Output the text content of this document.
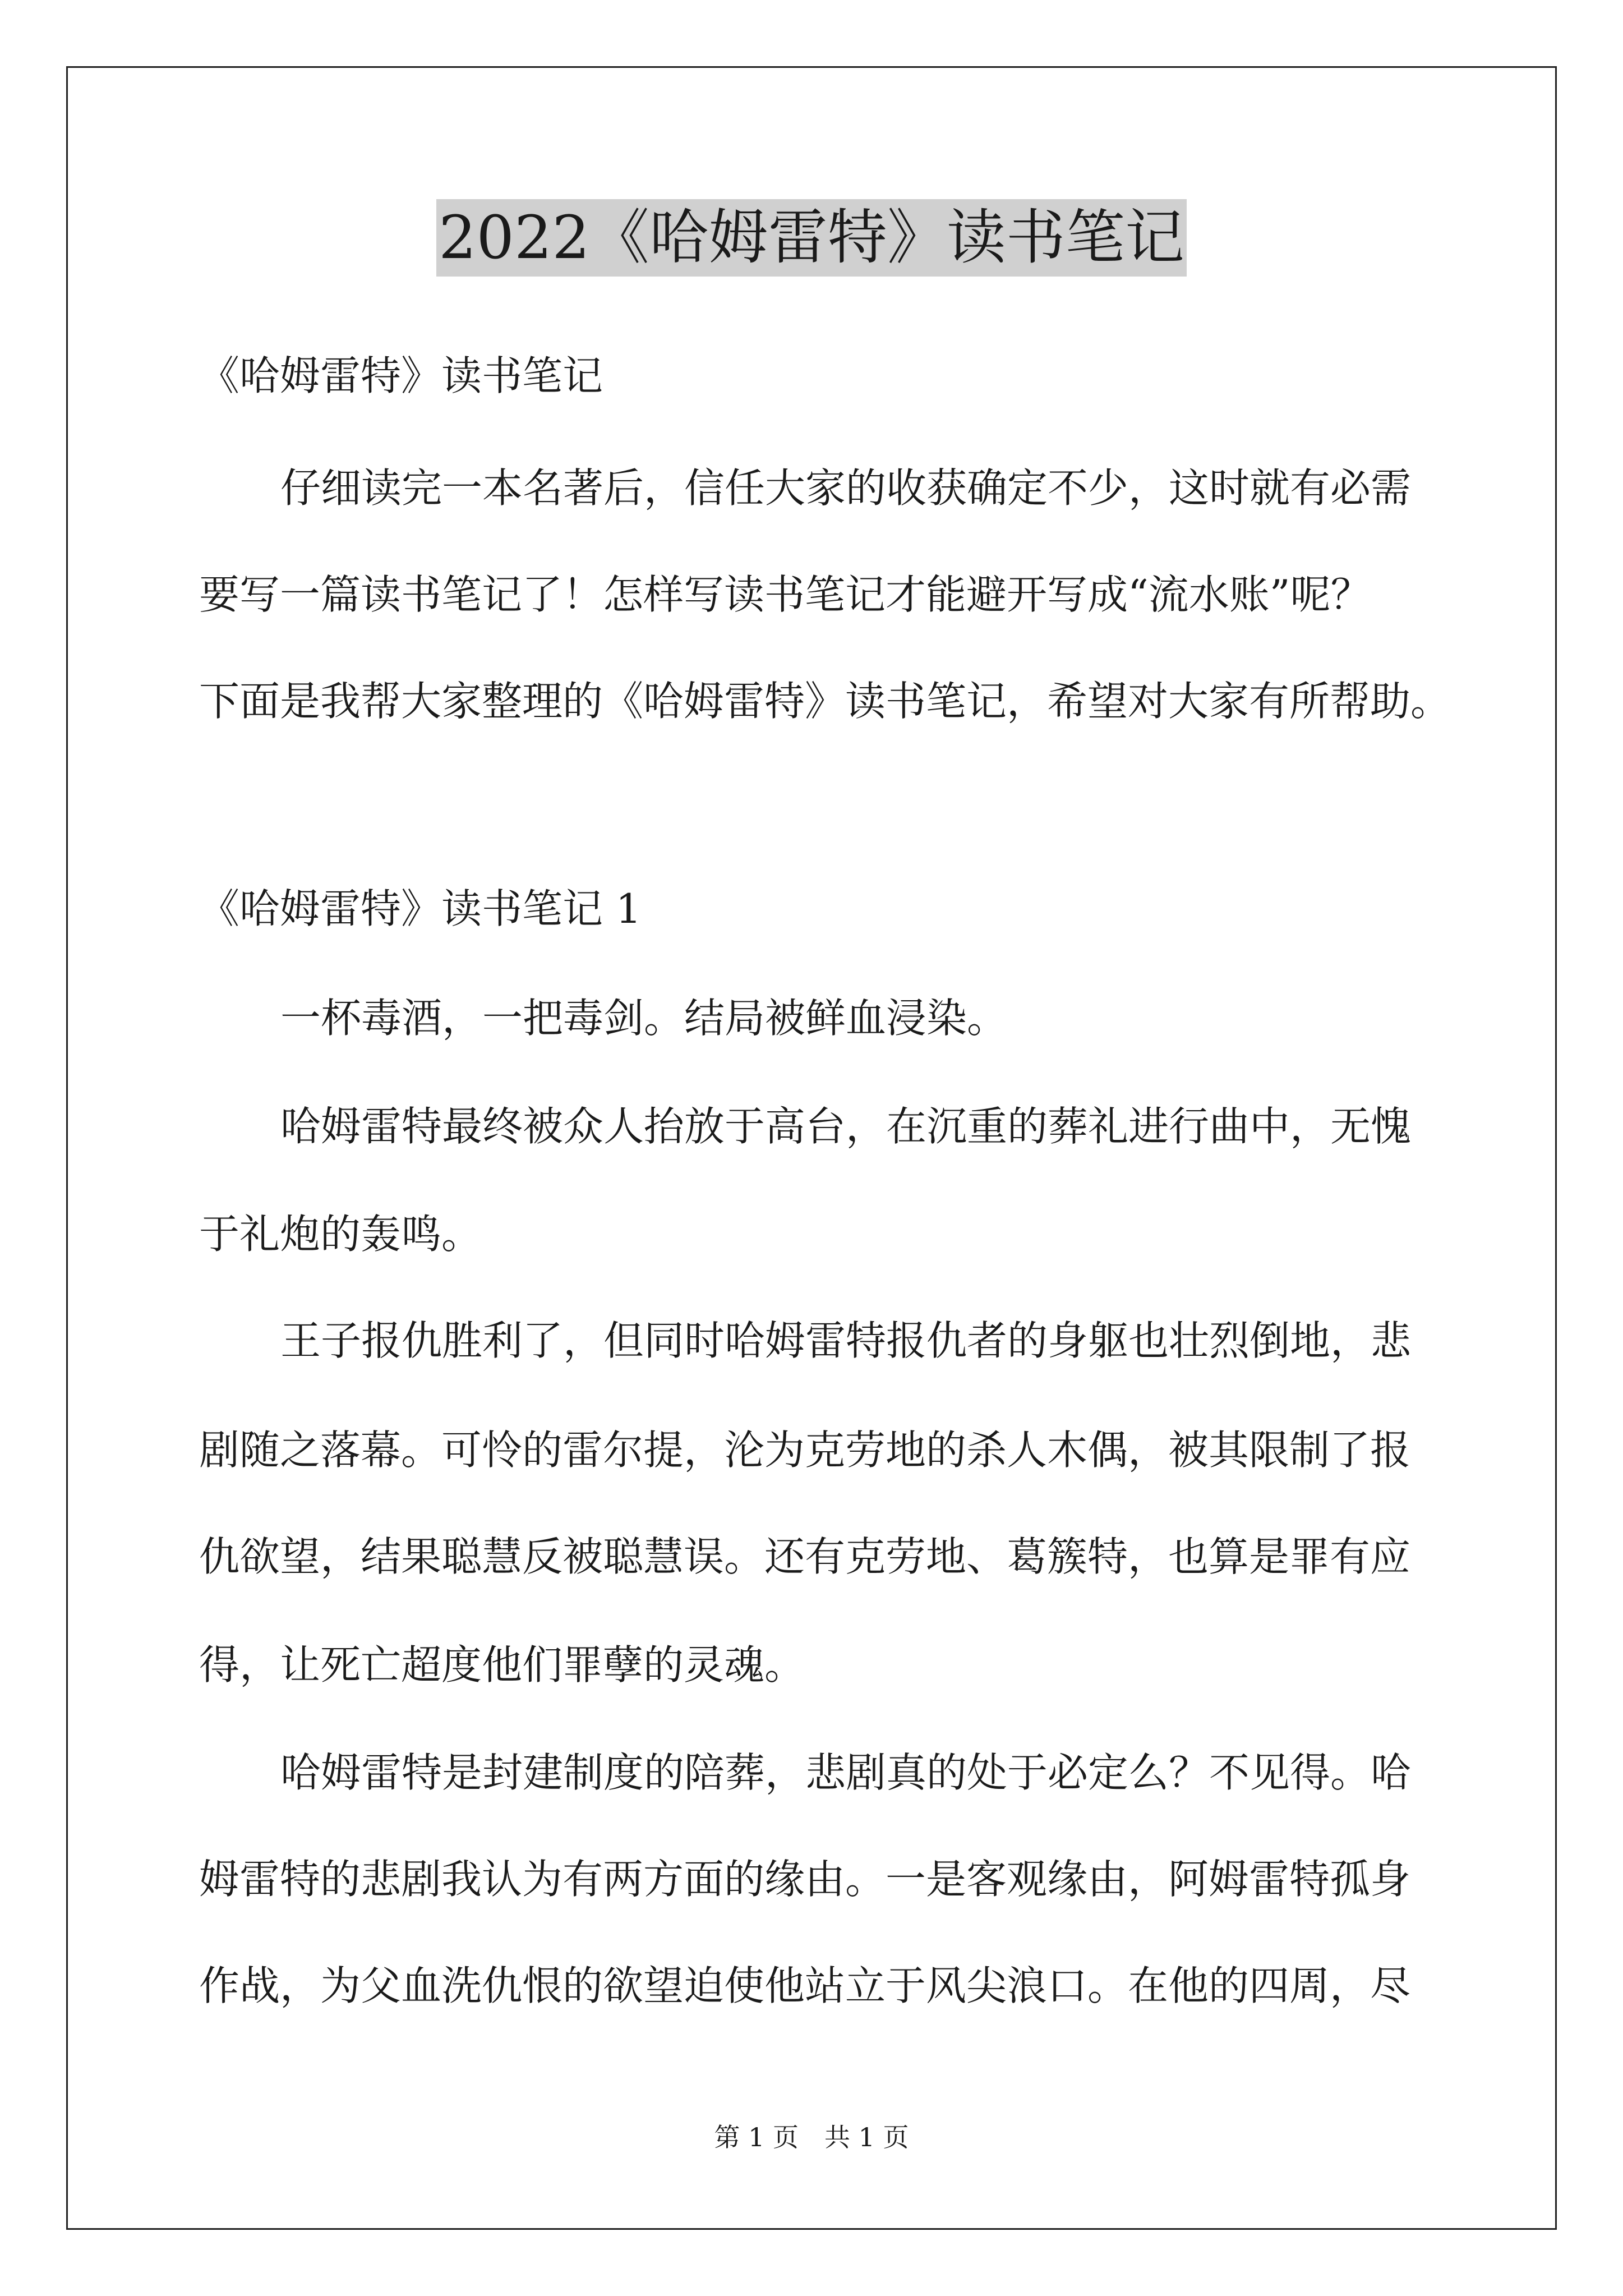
2022《哈姆雷特》读书笔记
《哈姆雷特》读书笔记
仔细读完一本名著后，信任大家的收获确定不少，这时就有必需
要写一篇读书笔记了！怎样写读书笔记才能避开写成“流水账”呢？
下面是我帮大家整理的《哈姆雷特》读书笔记，希望对大家有所帮助。
《哈姆雷特》读书笔记 1
一杯毒酒，一把毒剑。结局被鲜血浸染。
哈姆雷特最终被众人抬放于高台，在沉重的葬礼进行曲中，无愧
于礼炮的轰鸣。
王子报仇胜利了，但同时哈姆雷特报仇者的身躯也壮烈倒地，悲
剧随之落幕。可怜的雷尔提，沦为克劳地的杀人木偶，被其限制了报
仇欲望，结果聪慧反被聪慧误。还有克劳地、葛簇特，也算是罪有应
得，让死亡超度他们罪孽的灵魂。
哈姆雷特是封建制度的陪葬，悲剧真的处于必定么？不见得。哈
姆雷特的悲剧我认为有两方面的缘由。一是客观缘由，阿姆雷特孤身
作战，为父血洗仇恨的欲望迫使他站立于风尖浪口。在他的四周，尽
第 1 页　共 1 页
